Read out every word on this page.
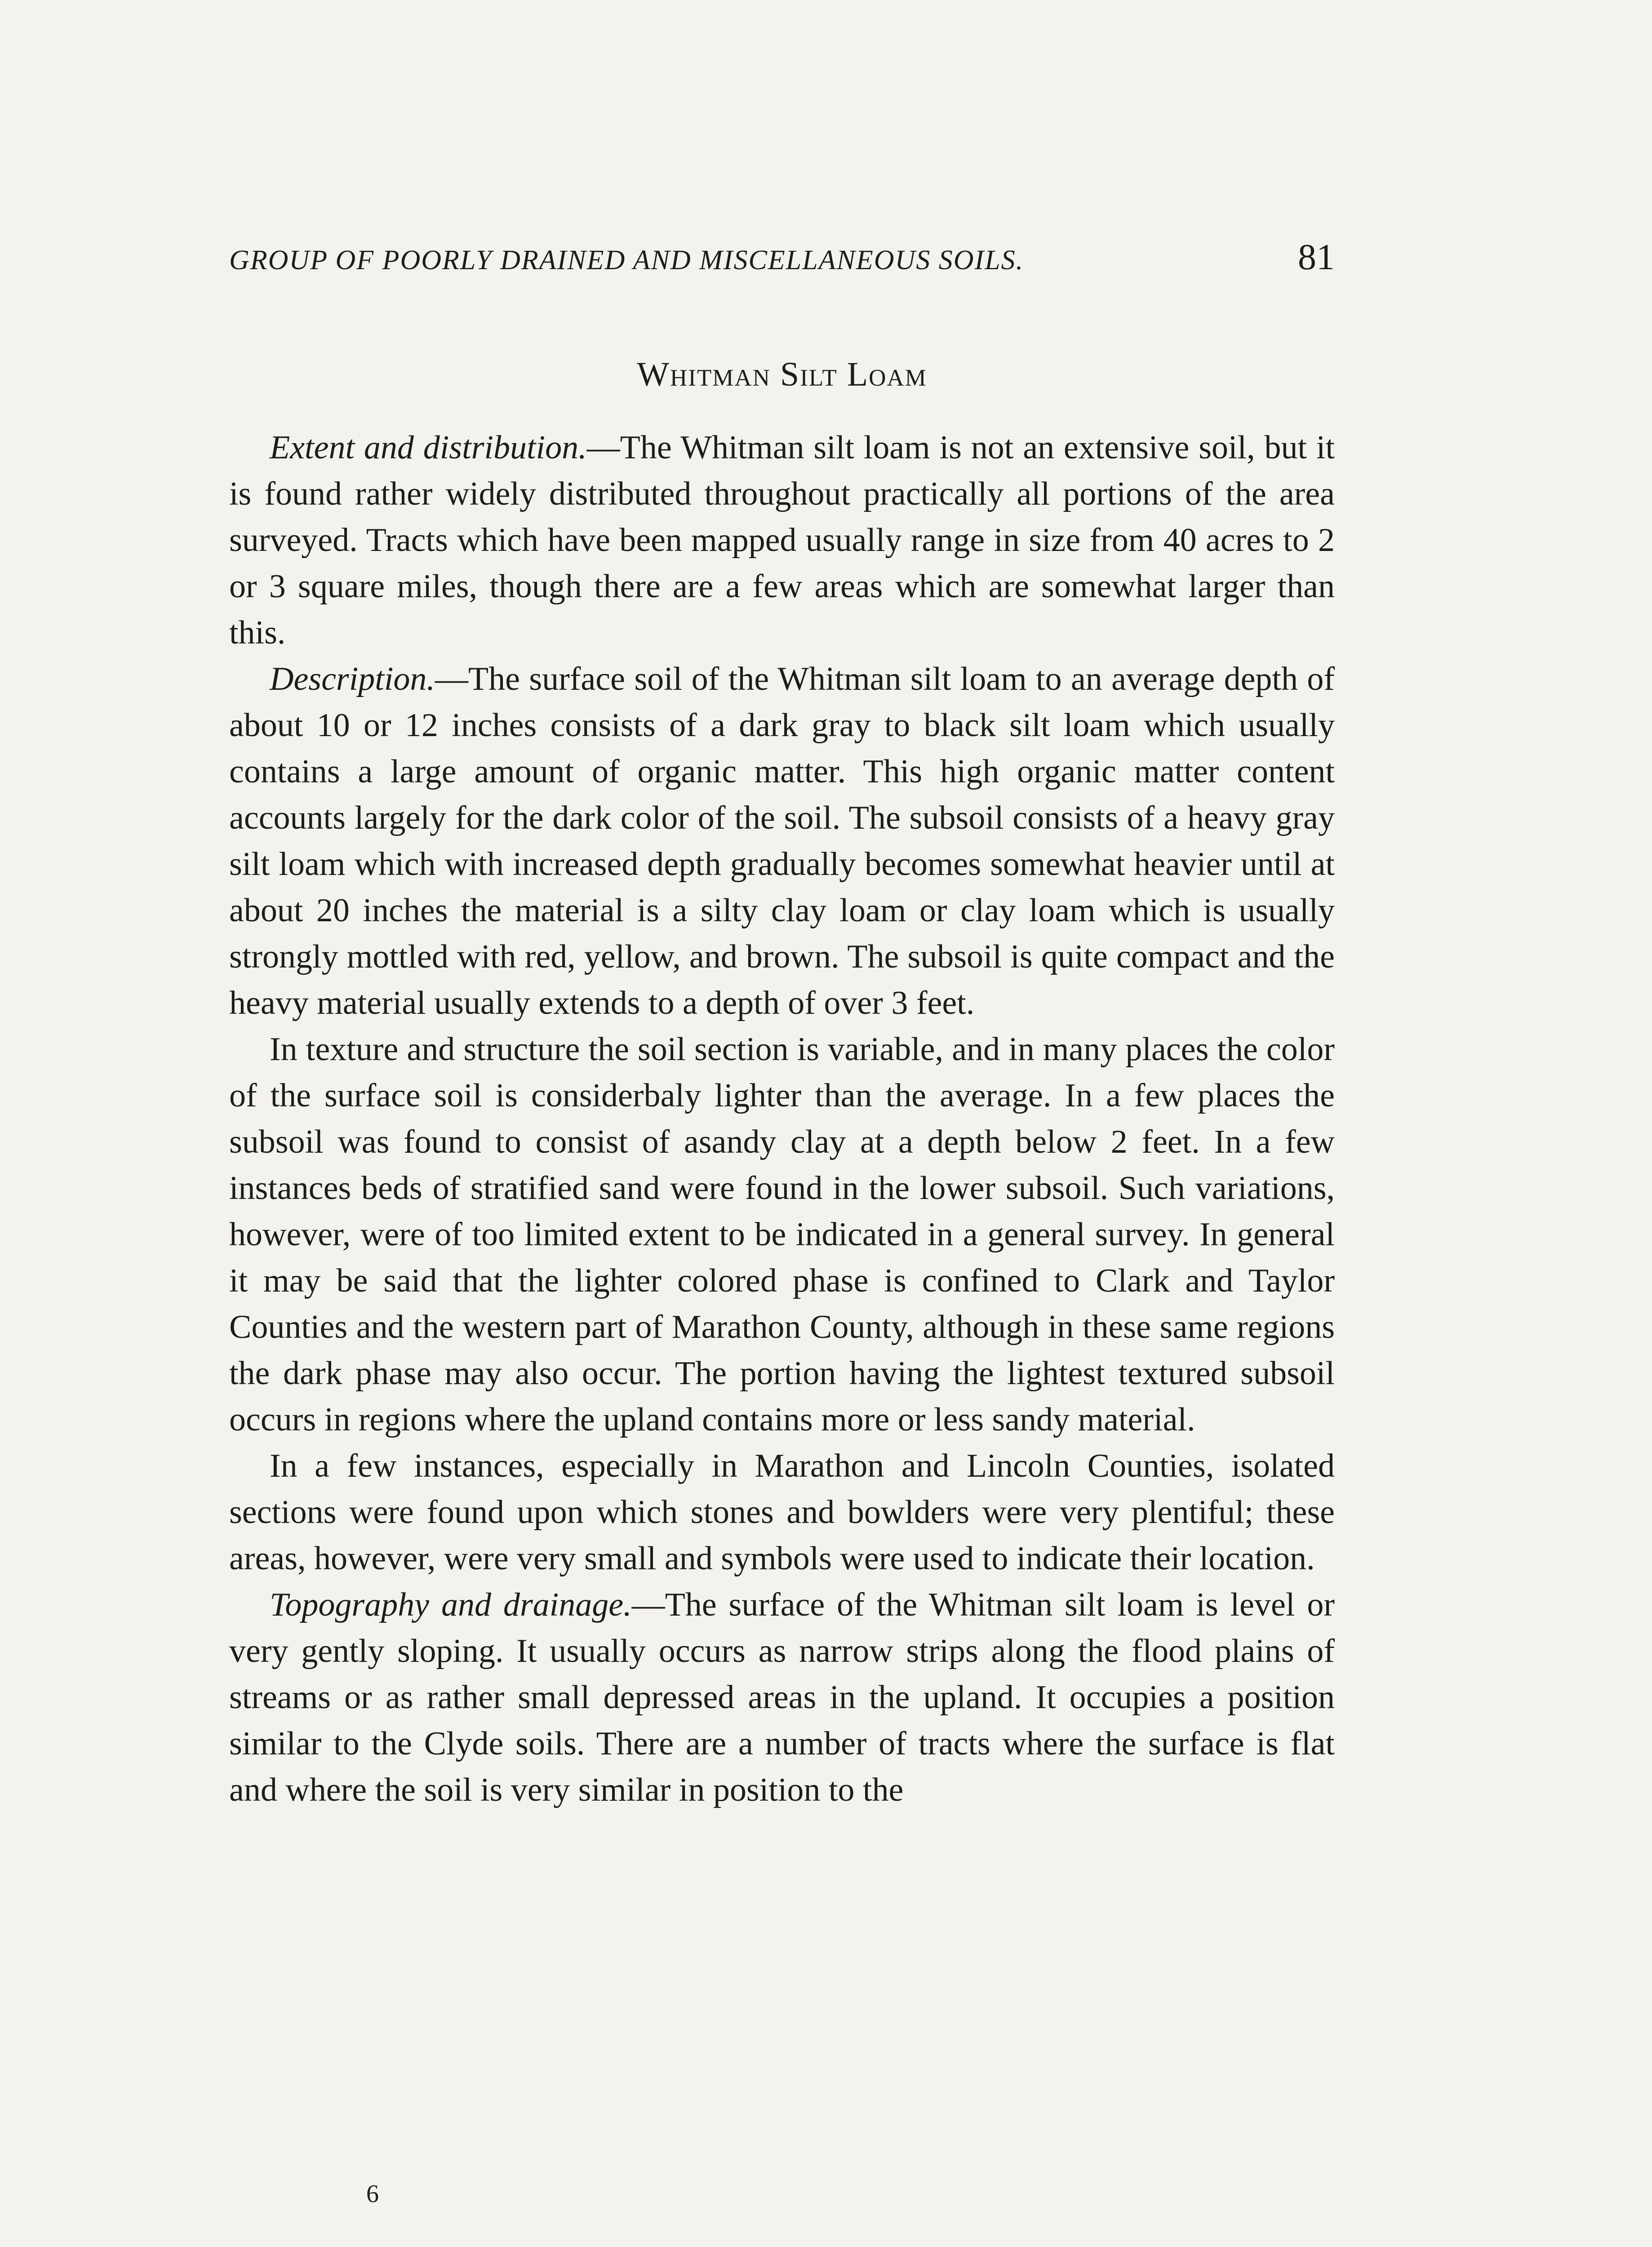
GROUP OF POORLY DRAINED AND MISCELLANEOUS SOILS.	81
Whitman Silt Loam

Extent and distribution.—The Whitman silt loam is not an extensive soil, but it is found rather widely distributed throughout practically all portions of the area surveyed. Tracts which have been mapped usually range in size from 40 acres to 2 or 3 square miles, though there are a few areas which are somewhat larger than this.

Description.—The surface soil of the Whitman silt loam to an average depth of about 10 or 12 inches consists of a dark gray to black silt loam which usually contains a large amount of organic matter. This high organic matter content accounts largely for the dark color of the soil. The subsoil consists of a heavy gray silt loam which with increased depth gradually becomes somewhat heavier until at about 20 inches the material is a silty clay loam or clay loam which is usually strongly mottled with red, yellow, and brown. The subsoil is quite compact and the heavy material usually extends to a depth of over 3 feet.

In texture and structure the soil section is variable, and in many places the color of the surface soil is considerbaly lighter than the average. In a few places the subsoil was found to consist of asandy clay at a depth below 2 feet. In a few instances beds of stratified sand were found in the lower subsoil. Such variations, however, were of too limited extent to be indicated in a general survey. In general it may be said that the lighter colored phase is confined to Clark and Taylor Counties and the western part of Marathon County, although in these same regions the dark phase may also occur. The portion having the lightest textured subsoil occurs in regions where the upland contains more or less sandy material.

In a few instances, especially in Marathon and Lincoln Counties, isolated sections were found upon which stones and bowlders were very plentiful; these areas, however, were very small and symbols were used to indicate their location.

Topography and drainage.—The surface of the Whitman silt loam is level or very gently sloping. It usually occurs as narrow strips along the flood plains of streams or as rather small depressed areas in the upland. It occupies a position similar to the Clyde soils. There are a number of tracts where the surface is flat and where the soil is very similar in position to the

6
